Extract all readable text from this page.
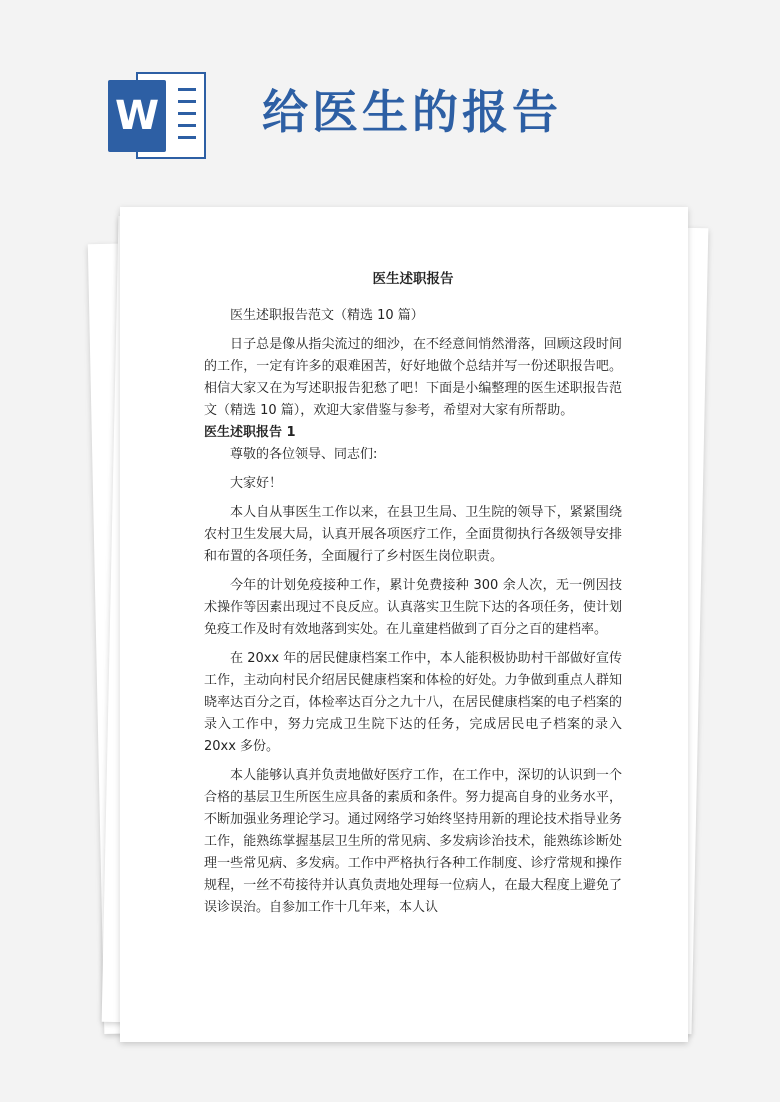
W 给医生的报告

医生述职报告

医生述职报告范文（精选 10 篇）

日子总是像从指尖流过的细沙，在不经意间悄然滑落，回顾这段时间的工作，一定有许多的艰难困苦，好好地做个总结并写一份述职报告吧。相信大家又在为写述职报告犯愁了吧！下面是小编整理的医生述职报告范文（精选 10 篇），欢迎大家借鉴与参考，希望对大家有所帮助。

医生述职报告 1

尊敬的各位领导、同志们:

大家好！

本人自从事医生工作以来，在县卫生局、卫生院的领导下，紧紧围绕农村卫生发展大局，认真开展各项医疗工作，全面贯彻执行各级领导安排和布置的各项任务，全面履行了乡村医生岗位职责。

今年的计划免疫接种工作，累计免费接种 300 余人次，无一例因技术操作等因素出现过不良反应。认真落实卫生院下达的各项任务，使计划免疫工作及时有效地落到实处。在儿童建档做到了百分之百的建档率。

在 20xx 年的居民健康档案工作中，本人能积极协助村干部做好宣传工作，主动向村民介绍居民健康档案和体检的好处。力争做到重点人群知晓率达百分之百，体检率达百分之九十八，在居民健康档案的电子档案的录入工作中，努力完成卫生院下达的任务，完成居民电子档案的录入 20xx 多份。

本人能够认真并负责地做好医疗工作，在工作中，深切的认识到一个合格的基层卫生所医生应具备的素质和条件。努力提高自身的业务水平，不断加强业务理论学习。通过网络学习始终坚持用新的理论技术指导业务工作，能熟练掌握基层卫生所的常见病、多发病诊治技术，能熟练诊断处理一些常见病、多发病。工作中严格执行各种工作制度、诊疗常规和操作规程，一丝不苟接待并认真负责地处理每一位病人，在最大程度上避免了误诊误治。自参加工作十几年来，本人认
